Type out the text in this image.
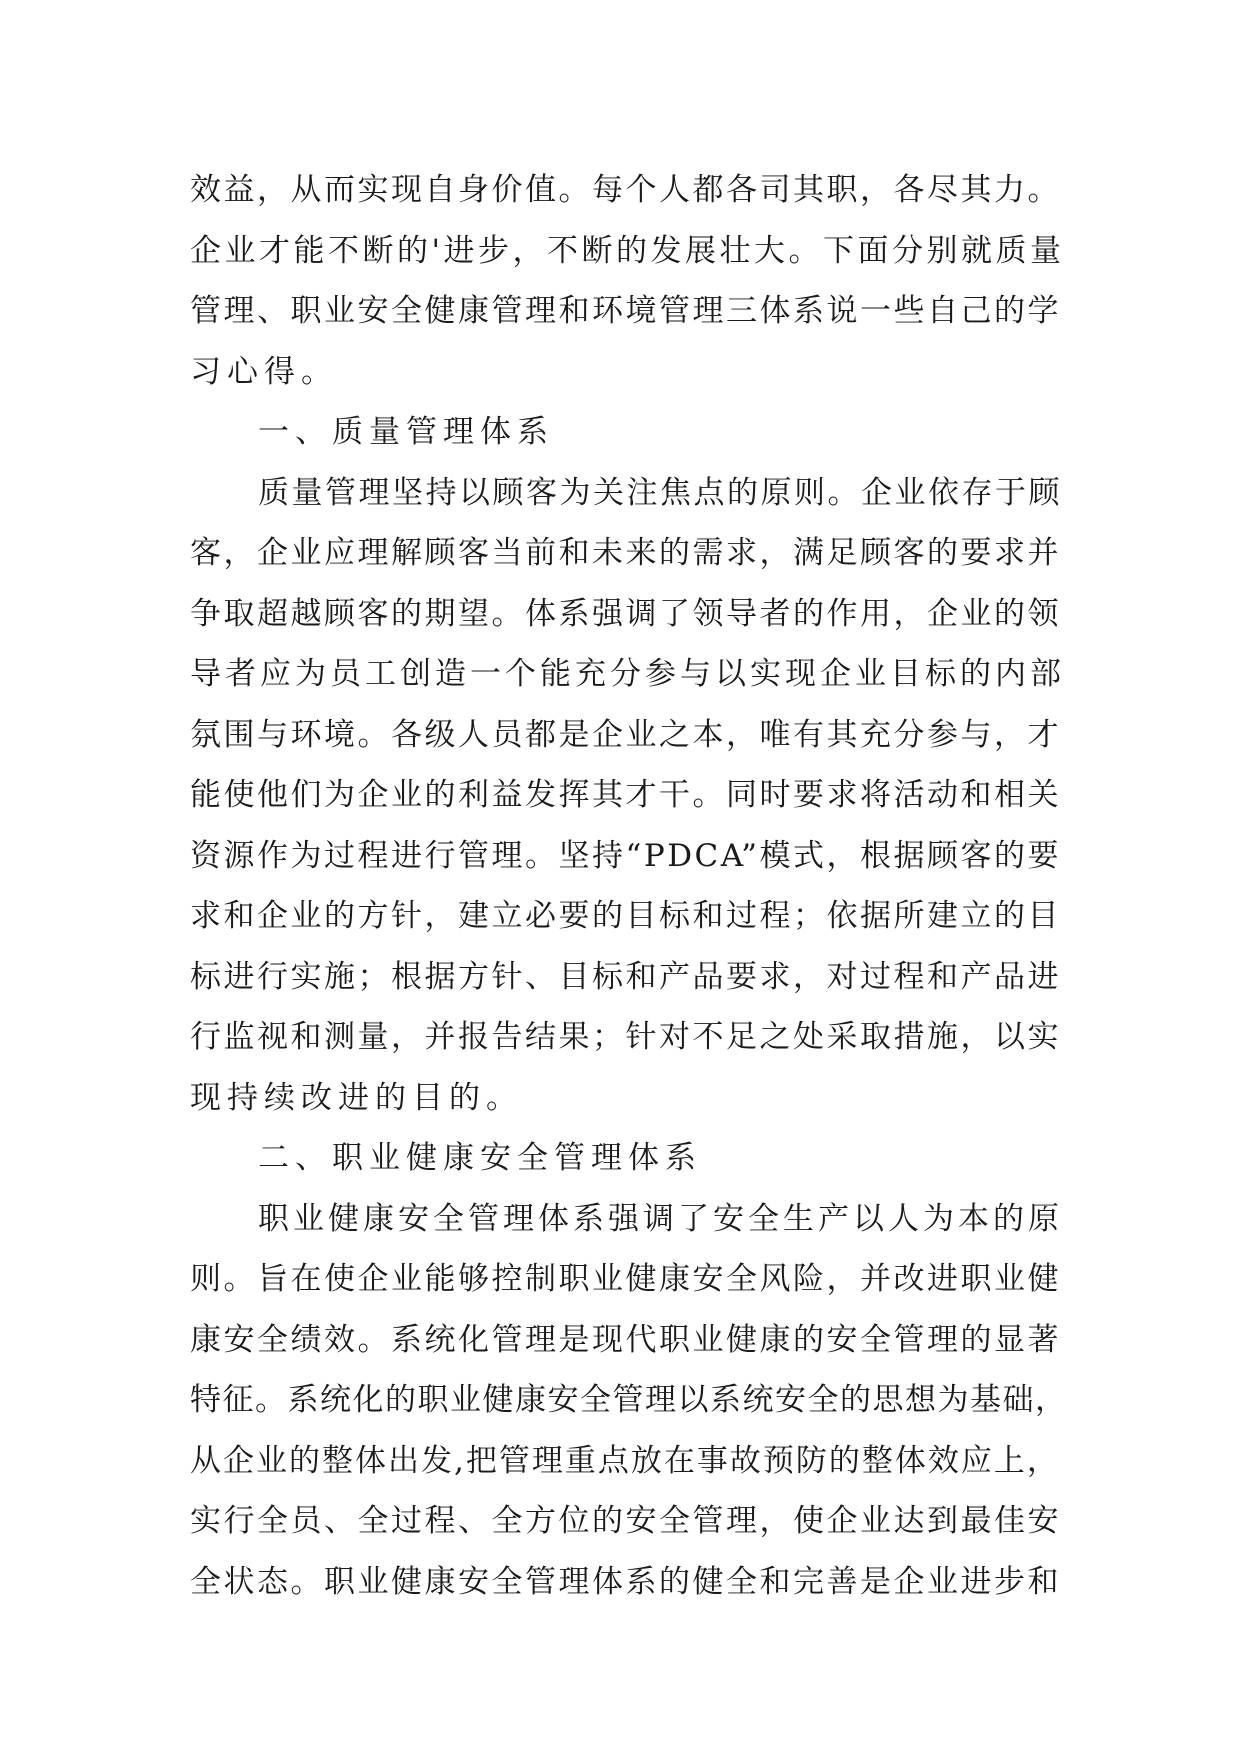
效益，从而实现自身价值。每个人都各司其职，各尽其力。
企业才能不断的'进步，不断的发展壮大。下面分别就质量
管理、职业安全健康管理和环境管理三体系说一些自己的学
习心得。
一、质量管理体系
质量管理坚持以顾客为关注焦点的原则。企业依存于顾
客，企业应理解顾客当前和未来的需求，满足顾客的要求并
争取超越顾客的期望。体系强调了领导者的作用，企业的领
导者应为员工创造一个能充分参与以实现企业目标的内部
氛围与环境。各级人员都是企业之本，唯有其充分参与，才
能使他们为企业的利益发挥其才干。同时要求将活动和相关
资源作为过程进行管理。坚持“PDCA”模式，根据顾客的要
求和企业的方针，建立必要的目标和过程；依据所建立的目
标进行实施；根据方针、目标和产品要求，对过程和产品进
行监视和测量，并报告结果；针对不足之处采取措施，以实
现持续改进的目的。
二、职业健康安全管理体系
职业健康安全管理体系强调了安全生产以人为本的原
则。旨在使企业能够控制职业健康安全风险，并改进职业健
康安全绩效。系统化管理是现代职业健康的安全管理的显著
特征。系统化的职业健康安全管理以系统安全的思想为基础，
从企业的整体出发,把管理重点放在事故预防的整体效应上，
实行全员、全过程、全方位的安全管理，使企业达到最佳安
全状态。职业健康安全管理体系的健全和完善是企业进步和
